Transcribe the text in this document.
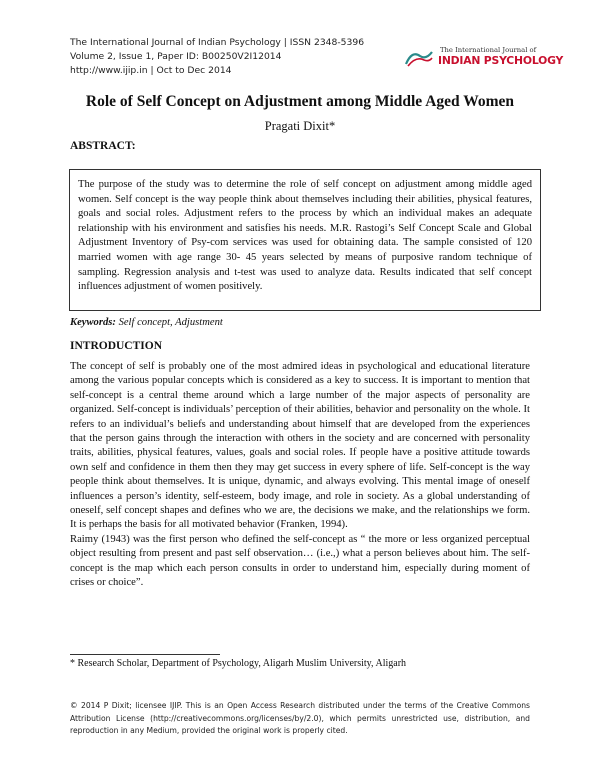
The International Journal of Indian Psychology | ISSN 2348-5396
Volume 2, Issue 1, Paper ID: B00250V2I12014
http://www.ijip.in | Oct to Dec 2014
The International Journal of
INDIAN PSYCHOLOGY
Role of Self Concept on Adjustment among Middle Aged Women
Pragati Dixit*
ABSTRACT:
The purpose of the study was to determine the role of self concept on adjustment among middle aged women. Self concept is the way people think about themselves including their abilities, physical features, goals and social roles. Adjustment refers to the process by which an individual makes an adequate relationship with his environment and satisfies his needs. M.R. Rastogi’s Self Concept Scale and Global Adjustment Inventory of Psy-com services was used for obtaining data. The sample consisted of 120 married women with age range 30- 45 years selected by means of purposive random technique of sampling. Regression analysis and t-test was used to analyze data. Results indicated that self concept influences adjustment of women positively.
Keywords: Self concept, Adjustment
INTRODUCTION

The concept of self is probably one of the most admired ideas in psychological and educational literature among the various popular concepts which is considered as a key to success. It is important to mention that self-concept is a central theme around which a large number of the major aspects of personality are organized. Self-concept is individuals’ perception of their abilities, behavior and personality on the whole. It refers to an individual’s beliefs and understanding about himself that are developed from the experiences that the person gains through the interaction with others in the society and are concerned with personality traits, abilities, physical features, values, goals and social roles. If people have a positive attitude towards own self and confidence in them then they may get success in every sphere of life. Self-concept is the way people think about themselves. It is unique, dynamic, and always evolving. This mental image of oneself influences a person’s identity, self-esteem, body image, and role in society. As a global understanding of oneself, self concept shapes and defines who we are, the decisions we make, and the relationships we form. It is perhaps the basis for all motivated behavior (Franken, 1994).

Raimy (1943) was the first person who defined the self-concept as “ the more or less organized perceptual object resulting from present and past self observation… (i.e.,) what a person believes about him. The self-concept is the map which each person consults in order to understand him, especially during moment of crises or choice”.

* Research Scholar, Department of Psychology, Aligarh Muslim University, Aligarh
© 2014 P Dixit; licensee IJIP. This is an Open Access Research distributed under the terms of the Creative Commons Attribution License (http://creativecommons.org/licenses/by/2.0), which permits unrestricted use, distribution, and reproduction in any Medium, provided the original work is properly cited.
